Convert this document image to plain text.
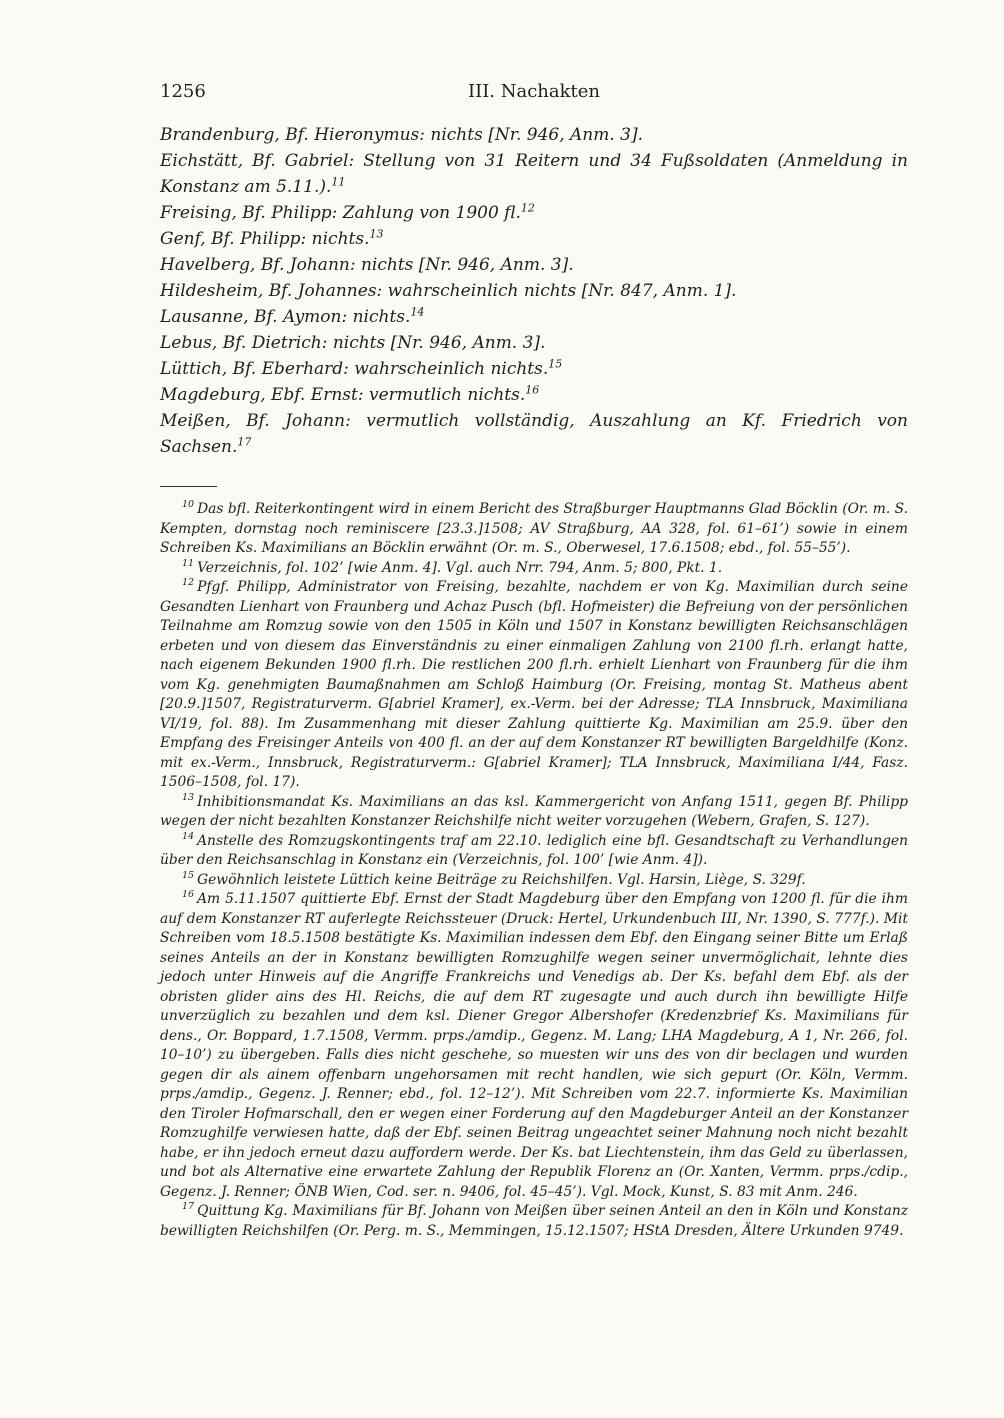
1256	III. Nachakten

Brandenburg, Bf. Hieronymus: nichts [Nr. 946, Anm. 3].

Eichstätt, Bf. Gabriel: Stellung von 31 Reitern und 34 Fußsoldaten (Anmeldung in Konstanz am 5.11.).$^{11}$

Freising, Bf. Philipp: Zahlung von 1900 fl.$^{12}$

Genf, Bf. Philipp: nichts.$^{13}$

Havelberg, Bf. Johann: nichts [Nr. 946, Anm. 3].

Hildesheim, Bf. Johannes: wahrscheinlich nichts [Nr. 847, Anm. 1].

Lausanne, Bf. Aymon: nichts.$^{14}$

Lebus, Bf. Dietrich: nichts [Nr. 946, Anm. 3].

Lüttich, Bf. Eberhard: wahrscheinlich nichts.$^{15}$

Magdeburg, Ebf. Ernst: vermutlich nichts.$^{16}$

Meißen, Bf. Johann: vermutlich vollständig, Auszahlung an Kf. Friedrich von Sachsen.$^{17}$

$^{10}$ Das bfl. Reiterkontingent wird in einem Bericht des Straßburger Hauptmanns Glad Böcklin (Or. m. S. Kempten, dornstag noch reminiscere [23.3.]1508; AV Straßburg, AA 328, fol. 61–61’) sowie in einem Schreiben Ks. Maximilians an Böcklin erwähnt (Or. m. S., Oberwesel, 17.6.1508; ebd., fol. 55–55’).

$^{11}$ Verzeichnis, fol. 102’ [wie Anm. 4]. Vgl. auch Nrr. 794, Anm. 5; 800, Pkt. 1.

$^{12}$ Pfgf. Philipp, Administrator von Freising, bezahlte, nachdem er von Kg. Maximilian durch seine Gesandten Lienhart von Fraunberg und Achaz Pusch (bfl. Hofmeister) die Befreiung von der persönlichen Teilnahme am Romzug sowie von den 1505 in Köln und 1507 in Konstanz bewilligten Reichsanschlägen erbeten und von diesem das Einverständnis zu einer einmaligen Zahlung von 2100 fl.rh. erlangt hatte, nach eigenem Bekunden 1900 fl.rh. Die restlichen 200 fl.rh. erhielt Lienhart von Fraunberg für die ihm vom Kg. genehmigten Baumaßnahmen am Schloß Haimburg (Or. Freising, montag St. Matheus abent [20.9.]1507, Registraturverm. G[abriel Kramer], ex.-Verm. bei der Adresse; TLA Innsbruck, Maximiliana VI/19, fol. 88). Im Zusammenhang mit dieser Zahlung quittierte Kg. Maximilian am 25.9. über den Empfang des Freisinger Anteils von 400 fl. an der auf dem Konstanzer RT bewilligten Bargeldhilfe (Konz. mit ex.-Verm., Innsbruck, Registraturverm.: G[abriel Kramer]; TLA Innsbruck, Maximiliana I/44, Fasz. 1506–1508, fol. 17).

$^{13}$ Inhibitionsmandat Ks. Maximilians an das ksl. Kammergericht von Anfang 1511, gegen Bf. Philipp wegen der nicht bezahlten Konstanzer Reichshilfe nicht weiter vorzugehen (Webern, Grafen, S. 127).

$^{14}$ Anstelle des Romzugskontingents traf am 22.10. lediglich eine bfl. Gesandtschaft zu Verhandlungen über den Reichsanschlag in Konstanz ein (Verzeichnis, fol. 100’ [wie Anm. 4]).

$^{15}$ Gewöhnlich leistete Lüttich keine Beiträge zu Reichshilfen. Vgl. Harsin, Liège, S. 329f.

$^{16}$ Am 5.11.1507 quittierte Ebf. Ernst der Stadt Magdeburg über den Empfang von 1200 fl. für die ihm auf dem Konstanzer RT auferlegte Reichssteuer (Druck: Hertel, Urkundenbuch III, Nr. 1390, S. 777f.). Mit Schreiben vom 18.5.1508 bestätigte Ks. Maximilian indessen dem Ebf. den Eingang seiner Bitte um Erlaß seines Anteils an der in Konstanz bewilligten Romzughilfe wegen seiner unvermöglichait, lehnte dies jedoch unter Hinweis auf die Angriffe Frankreichs und Venedigs ab. Der Ks. befahl dem Ebf. als der obristen glider ains des Hl. Reichs, die auf dem RT zugesagte und auch durch ihn bewilligte Hilfe unverzüglich zu bezahlen und dem ksl. Diener Gregor Albershofer (Kredenzbrief Ks. Maximilians für dens., Or. Boppard, 1.7.1508, Vermm. prps./amdip., Gegenz. M. Lang; LHA Magdeburg, A 1, Nr. 266, fol. 10–10’) zu übergeben. Falls dies nicht geschehe, so muesten wir uns des von dir beclagen und wurden gegen dir als ainem offenbarn ungehorsamen mit recht handlen, wie sich gepurt (Or. Köln, Vermm. prps./amdip., Gegenz. J. Renner; ebd., fol. 12–12’). Mit Schreiben vom 22.7. informierte Ks. Maximilian den Tiroler Hofmarschall, den er wegen einer Forderung auf den Magdeburger Anteil an der Konstanzer Romzughilfe verwiesen hatte, daß der Ebf. seinen Beitrag ungeachtet seiner Mahnung noch nicht bezahlt habe, er ihn jedoch erneut dazu auffordern werde. Der Ks. bat Liechtenstein, ihm das Geld zu überlassen, und bot als Alternative eine erwartete Zahlung der Republik Florenz an (Or. Xanten, Vermm. prps./cdip., Gegenz. J. Renner; ÖNB Wien, Cod. ser. n. 9406, fol. 45–45’). Vgl. Mock, Kunst, S. 83 mit Anm. 246.

$^{17}$ Quittung Kg. Maximilians für Bf. Johann von Meißen über seinen Anteil an den in Köln und Konstanz bewilligten Reichshilfen (Or. Perg. m. S., Memmingen, 15.12.1507; HStA Dresden, Ältere Urkunden 9749.
